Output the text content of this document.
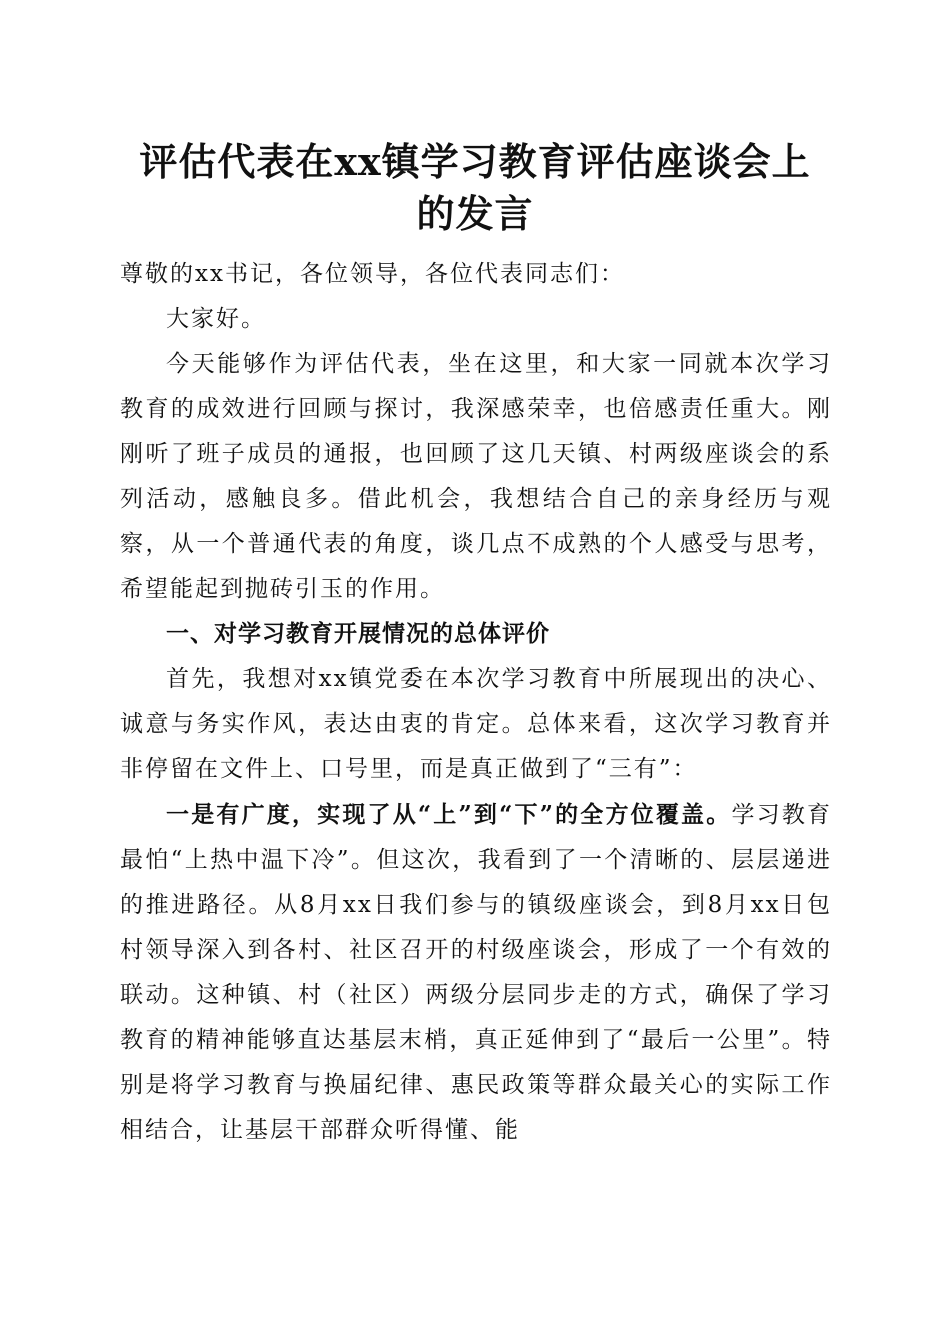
评估代表在xx镇学习教育评估座谈会上的发言

尊敬的xx书记，各位领导，各位代表同志们：

大家好。

今天能够作为评估代表，坐在这里，和大家一同就本次学习教育的成效进行回顾与探讨，我深感荣幸，也倍感责任重大。刚刚听了班子成员的通报，也回顾了这几天镇、村两级座谈会的系列活动，感触良多。借此机会，我想结合自己的亲身经历与观察，从一个普通代表的角度，谈几点不成熟的个人感受与思考，希望能起到抛砖引玉的作用。

一、对学习教育开展情况的总体评价

首先，我想对xx镇党委在本次学习教育中所展现出的决心、诚意与务实作风，表达由衷的肯定。总体来看，这次学习教育并非停留在文件上、口号里，而是真正做到了“三有”：

一是有广度，实现了从“上”到“下”的全方位覆盖。学习教育最怕“上热中温下冷”。但这次，我看到了一个清晰的、层层递进的推进路径。从8月xx日我们参与的镇级座谈会，到8月xx日包村领导深入到各村、社区召开的村级座谈会，形成了一个有效的联动。这种镇、村（社区）两级分层同步走的方式，确保了学习教育的精神能够直达基层末梢，真正延伸到了“最后一公里”。特别是将学习教育与换届纪律、惠民政策等群众最关心的实际工作相结合，让基层干部群众听得懂、能
